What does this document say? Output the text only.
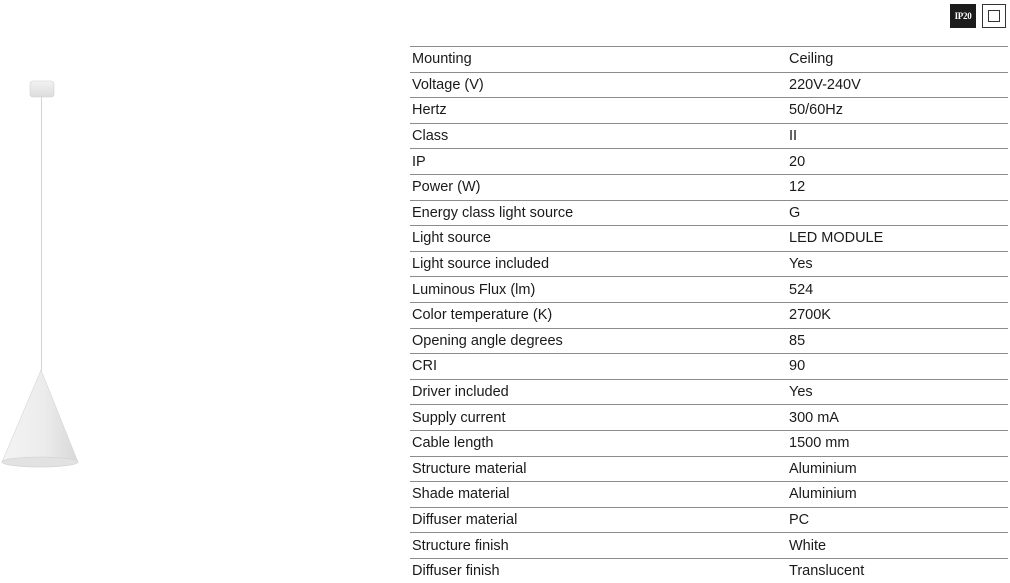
IP20
Mounting	Ceiling
Voltage (V)	220V-240V
Hertz	50/60Hz
Class	II
IP	20
Power (W)	12
Energy class light source	G
Light source	LED MODULE
Light source included	Yes
Luminous Flux (lm)	524
Color temperature (K)	2700K
Opening angle degrees	85
CRI	90
Driver included	Yes
Supply current	300 mA
Cable length	1500 mm
Structure material	Aluminium
Shade material	Aluminium
Diffuser material	PC
Structure finish	White
Diffuser finish	Translucent
